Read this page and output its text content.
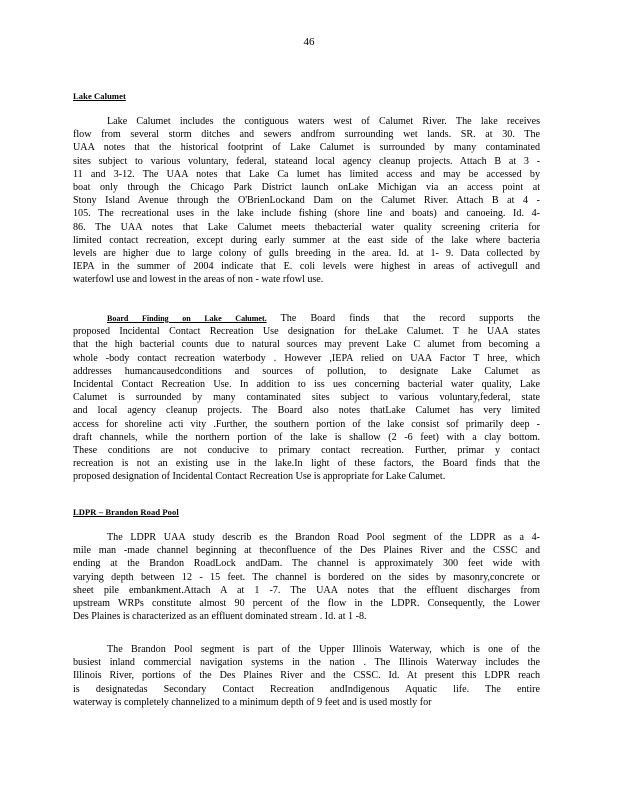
46
Lake Calumet
Lake Calumet includes the contiguous waters west of Calumet River. The lake receives
flow from several storm ditches and sewers andfrom surrounding wet lands. SR. at 30. The
UAA notes that the historical footprint of Lake Calumet is surrounded by many contaminated
sites subject to various voluntary, federal, stateand local agency cleanup projects. Attach B at 3 -
11 and 3-12. The UAA notes that Lake Ca lumet has limited access and may be accessed by
boat only through the Chicago Park District launch onLake Michigan via an access point at
Stony Island Avenue through the O'BrienLockand Dam on the Calumet River. Attach B at 4 -
105. The recreational uses in the lake include fishing (shore line and boats) and canoeing. Id. 4-
86. The UAA notes that Lake Calumet meets thebacterial water quality screening criteria for
limited contact recreation, except during early summer at the east side of the lake where bacteria
levels are higher due to large colony of gulls breeding in the area. Id. at 1- 9. Data collected by
IEPA in the summer of 2004 indicate that E. coli levels were highest in areas of activegull and
waterfowl use and lowest in the areas of non - wate rfowl use.
Board Finding on Lake Calumet. The Board finds that the record supports the
proposed Incidental Contact Recreation Use designation for theLake Calumet. T he UAA states
that the high bacterial counts due to natural sources may prevent Lake C alumet from becoming a
whole -body contact recreation waterbody . However ,IEPA relied on UAA Factor T hree, which
addresses humancausedconditions and sources of pollution, to designate Lake Calumet as
Incidental Contact Recreation Use. In addition to iss ues concerning bacterial water quality, Lake
Calumet is surrounded by many contaminated sites subject to various voluntary,federal, state
and local agency cleanup projects. The Board also notes thatLake Calumet has very limited
access for shoreline acti vity .Further, the southern portion of the lake consist sof primarily deep -
draft channels, while the northern portion of the lake is shallow (2 -6 feet) with a clay bottom.
These conditions are not conducive to primary contact recreation. Further, primar y contact
recreation is not an existing use in the lake.In light of these factors, the Board finds that the
proposed designation of Incidental Contact Recreation Use is appropriate for Lake Calumet.
LDPR – Brandon Road Pool
The LDPR UAA study describ es the Brandon Road Pool segment of the LDPR as a 4-
mile man -made channel beginning at theconfluence of the Des Plaines River and the CSSC and
ending at the Brandon RoadLock andDam. The channel is approximately 300 feet wide with
varying depth between 12 - 15 feet. The channel is bordered on the sides by masonry,concrete or
sheet pile embankment.Attach A at 1 -7. The UAA notes that the effluent discharges from
upstream WRPs constitute almost 90 percent of the flow in the LDPR. Consequently, the Lower
Des Plaines is characterized as an effluent dominated stream . Id. at 1 -8.
The Brandon Pool segment is part of the Upper Illinois Waterway, which is one of the
busiest inland commercial navigation systems in the nation . The Illinois Waterway includes the
Illinois River, portions of the Des Plaines River and the CSSC. Id. At present this LDPR reach
is designatedas Secondary Contact Recreation andIndigenous Aquatic life. The entire
waterway is completely channelized to a minimum depth of 9 feet and is used mostly for
